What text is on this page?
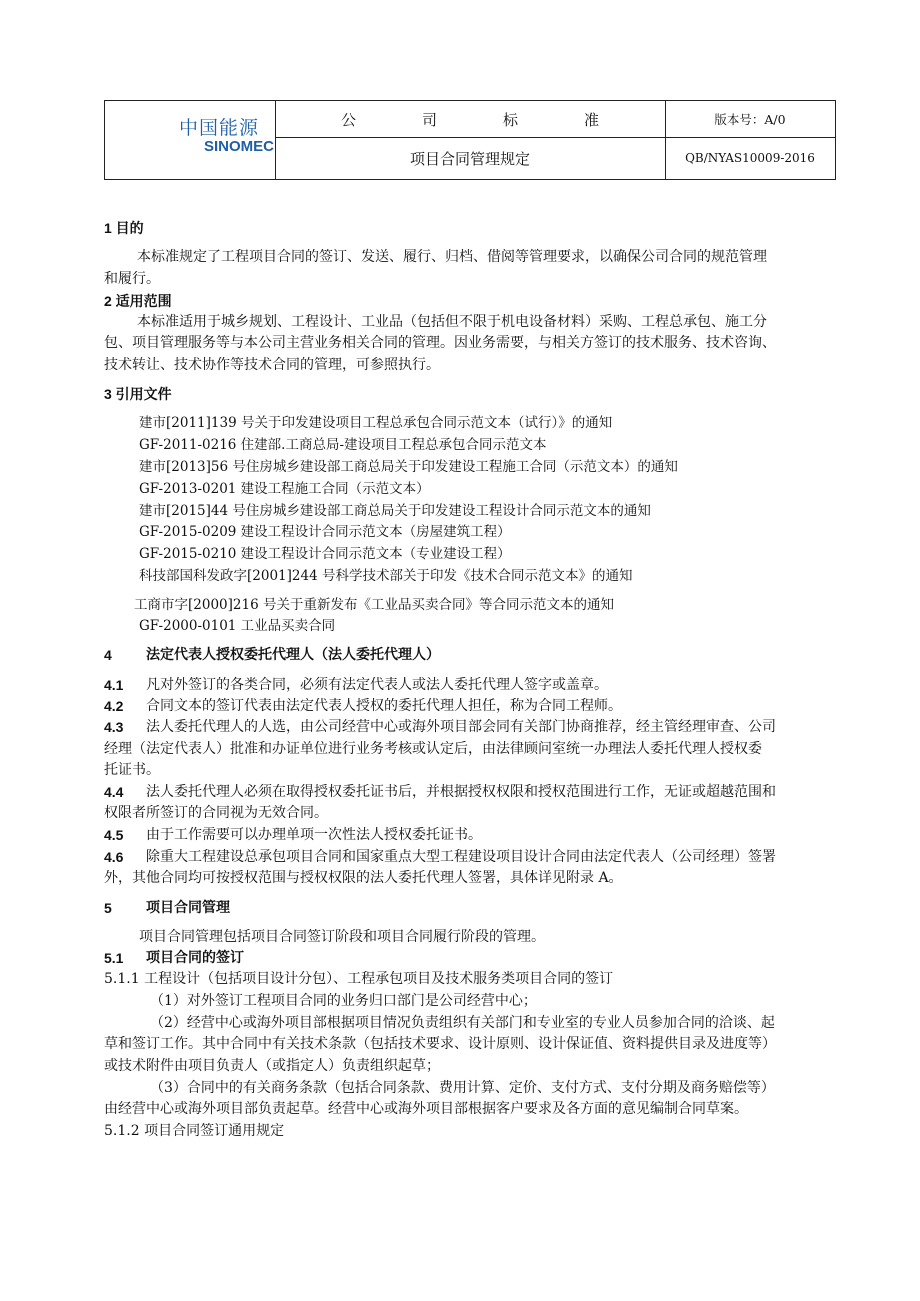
中国能源
SINOMEC
公	司	标	准
项目合同管理规定
版本号：A/0
QB/NYAS10009-2016
1 目的
本标准规定了工程项目合同的签订、发送、履行、归档、借阅等管理要求，以确保公司合同的规范管理
和履行。
2 适用范围
本标准适用于城乡规划、工程设计、工业品（包括但不限于机电设备材料）采购、工程总承包、施工分
包、项目管理服务等与本公司主营业务相关合同的管理。因业务需要，与相关方签订的技术服务、技术咨询、
技术转让、技术协作等技术合同的管理，可参照执行。
3 引用文件
建市[2011]139 号关于印发建设项目工程总承包合同示范文本（试行）》的通知
GF-2011-0216 住建部.工商总局-建设项目工程总承包合同示范文本
建市[2013]56 号住房城乡建设部工商总局关于印发建设工程施工合同（示范文本）的通知
GF-2013-0201 建设工程施工合同（示范文本）
建市[2015]44 号住房城乡建设部工商总局关于印发建设工程设计合同示范文本的通知
GF-2015-0209 建设工程设计合同示范文本（房屋建筑工程）
GF-2015-0210 建设工程设计合同示范文本（专业建设工程）
科技部国科发政字[2001]244 号科学技术部关于印发《技术合同示范文本》的通知
工商市字[2000]216 号关于重新发布《工业品买卖合同》等合同示范文本的通知
GF-2000-0101 工业品买卖合同
4 法定代表人授权委托代理人（法人委托代理人）
4.1 凡对外签订的各类合同，必须有法定代表人或法人委托代理人签字或盖章。
4.2 合同文本的签订代表由法定代表人授权的委托代理人担任，称为合同工程师。
4.3 法人委托代理人的人选，由公司经营中心或海外项目部会同有关部门协商推荐，经主管经理审查、公司
经理（法定代表人）批准和办证单位进行业务考核或认定后，由法律顾问室统一办理法人委托代理人授权委
托证书。
4.4 法人委托代理人必须在取得授权委托证书后，并根据授权权限和授权范围进行工作，无证或超越范围和
权限者所签订的合同视为无效合同。
4.5 由于工作需要可以办理单项一次性法人授权委托证书。
4.6 除重大工程建设总承包项目合同和国家重点大型工程建设项目设计合同由法定代表人（公司经理）签署
外，其他合同均可按授权范围与授权权限的法人委托代理人签署，具体详见附录 A。
5 项目合同管理
项目合同管理包括项目合同签订阶段和项目合同履行阶段的管理。
5.1 项目合同的签订
5.1.1 工程设计（包括项目设计分包）、工程承包项目及技术服务类项目合同的签订
（1）对外签订工程项目合同的业务归口部门是公司经营中心；
（2）经营中心或海外项目部根据项目情况负责组织有关部门和专业室的专业人员参加合同的洽谈、起
草和签订工作。其中合同中有关技术条款（包括技术要求、设计原则、设计保证值、资料提供目录及进度等）
或技术附件由项目负责人（或指定人）负责组织起草；
（3）合同中的有关商务条款（包括合同条款、费用计算、定价、支付方式、支付分期及商务赔偿等）
由经营中心或海外项目部负责起草。经营中心或海外项目部根据客户要求及各方面的意见编制合同草案。
5.1.2 项目合同签订通用规定
